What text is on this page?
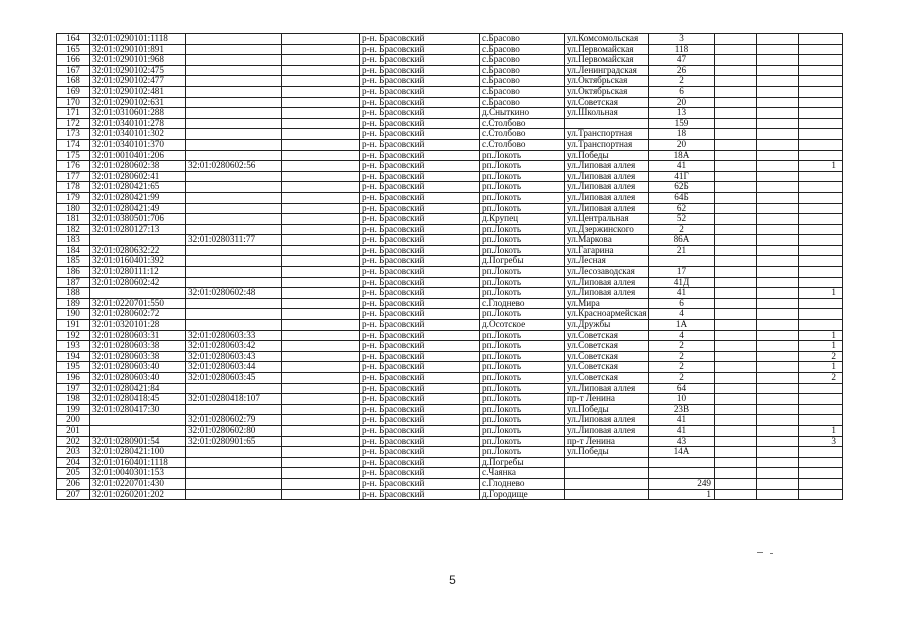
164	32:01:0290101:1118			р-н. Брасовский	с.Брасово	ул.Комсомольская	3			
165	32:01:0290101:891			р-н. Брасовский	с.Брасово	ул.Первомайская	118			
166	32:01:0290101:968			р-н. Брасовский	с.Брасово	ул.Первомайская	47			
167	32:01:0290102:475			р-н. Брасовский	с.Брасово	ул.Ленинградская	26			
168	32:01:0290102:477			р-н. Брасовский	с.Брасово	ул.Октябрьская	2			
169	32:01:0290102:481			р-н. Брасовский	с.Брасово	ул.Октябрьская	6			
170	32:01:0290102:631			р-н. Брасовский	с.Брасово	ул.Советская	20			
171	32:01:0310601:288			р-н. Брасовский	д.Сныткино	ул.Школьная	13			
172	32:01:0340101:278			р-н. Брасовский	с.Столбово		159			
173	32:01:0340101:302			р-н. Брасовский	с.Столбово	ул.Транспортная	18			
174	32:01:0340101:370			р-н. Брасовский	с.Столбово	ул.Транспортная	20			
175	32:01:0010401:206			р-н. Брасовский	рп.Локоть	ул.Победы	18А			
176	32:01:0280602:38	32:01:0280602:56		р-н. Брасовский	рп.Локоть	ул.Липовая аллея	41			1
177	32:01:0280602:41			р-н. Брасовский	рп.Локоть	ул.Липовая аллея	41Г			
178	32:01:0280421:65			р-н. Брасовский	рп.Локоть	ул.Липовая аллея	62Б			
179	32:01:0280421:99			р-н. Брасовский	рп.Локоть	ул.Липовая аллея	64Б			
180	32:01:0280421:49			р-н. Брасовский	рп.Локоть	ул.Липовая аллея	62			
181	32:01:0380501:706			р-н. Брасовский	д.Крупец	ул.Центральная	52			
182	32:01:0280127:13			р-н. Брасовский	рп.Локоть	ул.Дзержинского	2			
183		32:01:0280311:77		р-н. Брасовский	рп.Локоть	ул.Маркова	86А			
184	32:01:0280632:22			р-н. Брасовский	рп.Локоть	ул.Гагарина	21			
185	32:01:0160401:392			р-н. Брасовский	д.Погребы	ул.Лесная				
186	32:01:0280111:12			р-н. Брасовский	рп.Локоть	ул.Лесозаводская	17			
187	32:01:0280602:42			р-н. Брасовский	рп.Локоть	ул.Липовая аллея	41Д			
188		32:01:0280602:48		р-н. Брасовский	рп.Локоть	ул.Липовая аллея	41			1
189	32:01:0220701:550			р-н. Брасовский	с.Глоднево	ул.Мира	6			
190	32:01:0280602:72			р-н. Брасовский	рп.Локоть	ул.Красноармейская	4			
191	32:01:0320101:28			р-н. Брасовский	д.Осотское	ул.Дружбы	1А			
192	32:01:0280603:31	32:01:0280603:33		р-н. Брасовский	рп.Локоть	ул.Советская	4			1
193	32:01:0280603:38	32:01:0280603:42		р-н. Брасовский	рп.Локоть	ул.Советская	2			1
194	32:01:0280603:38	32:01:0280603:43		р-н. Брасовский	рп.Локоть	ул.Советская	2			2
195	32:01:0280603:40	32:01:0280603:44		р-н. Брасовский	рп.Локоть	ул.Советская	2			1
196	32:01:0280603:40	32:01:0280603:45		р-н. Брасовский	рп.Локоть	ул.Советская	2			2
197	32:01:0280421:84			р-н. Брасовский	рп.Локоть	ул.Липовая аллея	64			
198	32:01:0280418:45	32:01:0280418:107		р-н. Брасовский	рп.Локоть	пр-т Ленина	10			
199	32:01:0280417:30			р-н. Брасовский	рп.Локоть	ул.Победы	23В			
200		32:01:0280602:79		р-н. Брасовский	рп.Локоть	ул.Липовая аллея	41			
201		32:01:0280602:80		р-н. Брасовский	рп.Локоть	ул.Липовая аллея	41			1
202	32:01:0280901:54	32:01:0280901:65		р-н. Брасовский	рп.Локоть	пр-т Ленина	43			3
203	32:01:0280421:100			р-н. Брасовский	рп.Локоть	ул.Победы	14А			
204	32:01:0160401:1118			р-н. Брасовский	д.Погребы					
205	32:01:0040301:153			р-н. Брасовский	с.Чаянка					
206	32:01:0220701:430			р-н. Брасовский	с.Глоднево		249			
207	32:01:0260201:202			р-н. Брасовский	д.Городище		1			
5
